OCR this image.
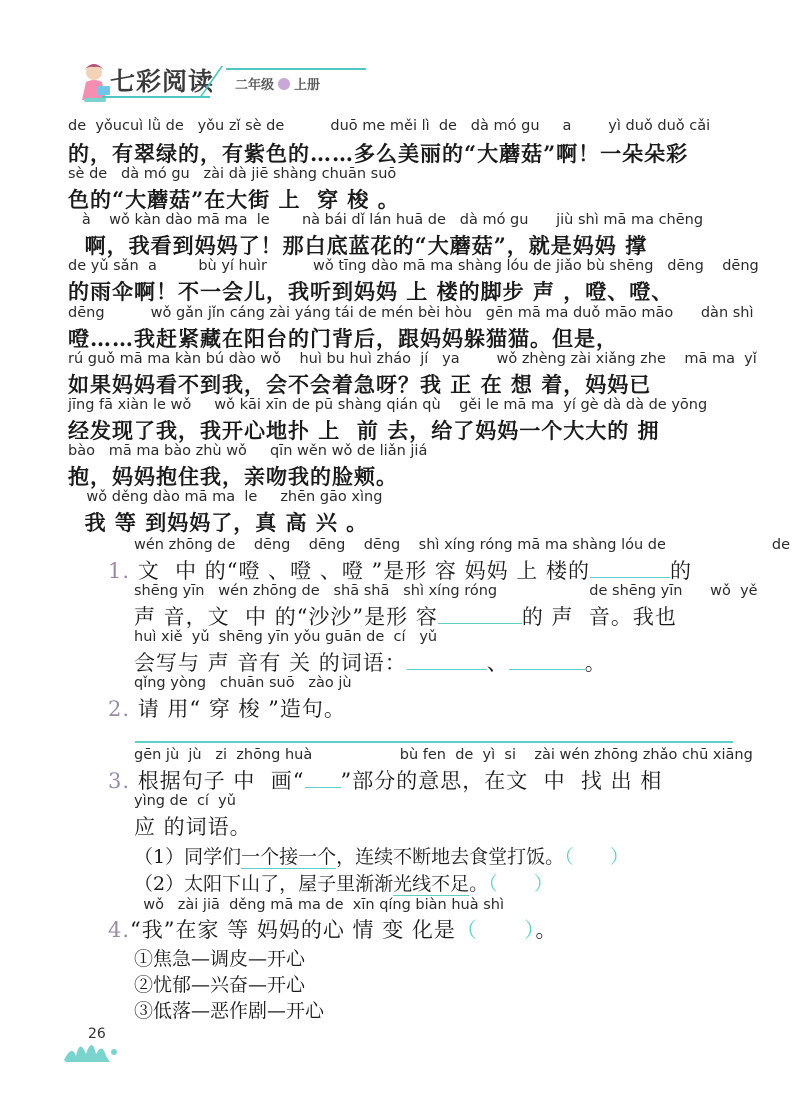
七彩阅读 二年级 上册
de  yǒucuì lǜ de   yǒu zǐ sè de          duō me měi lì  de   dà mó gu     a        yì duǒ duǒ cǎi
的，有翠绿的，有紫色的……多么美丽的“大蘑菇”啊！一朵朵彩
sè de   dà mó gu   zài dà jiē shàng chuān suō
色的“大蘑菇”在大街 上  穿 梭 。
à    wǒ kàn dào mā ma  le       nà bái dǐ lán huā de   dà mó gu      jiù shì mā ma chēng
啊，我看到妈妈了！那白底蓝花的“大蘑菇”，就是妈妈 撑
de yǔ sǎn  a         bù yí huìr          wǒ tīng dào mā ma shàng lóu de jiǎo bù shēng   dēng    dēng
的雨伞啊！不一会儿，我听到妈妈 上 楼的脚步 声 ，噔、噔、
dēng          wǒ gǎn jǐn cáng zài yáng tái de mén bèi hòu   gēn mā ma duǒ māo māo      dàn shì
噔……我赶紧藏在阳台的门背后，跟妈妈躲猫猫。但是，
rú guǒ mā ma kàn bú dào wǒ    huì bu huì zháo  jí   ya        wǒ zhèng zài xiǎng zhe    mā ma  yǐ
如果妈妈看不到我，会不会着急呀？我 正 在 想 着，妈妈已
jīng fā xiàn le wǒ     wǒ kāi xīn de pū shàng qián qù    gěi le mā ma  yí gè dà dà de yōng
经发现了我，我开心地扑 上  前 去，给了妈妈一个大大的 拥
bào   mā ma bào zhù wǒ     qīn wěn wǒ de liǎn jiá
抱，妈妈抱住我，亲吻我的脸颊。
wǒ děng dào mā ma  le     zhēn gāo xìng
我 等 到妈妈了，真 高 兴 。
wén zhōng de    dēng    dēng    dēng    shì xíng róng mā ma shàng lóu de                       de
1. 文  中 的“噔 、噔 、噔 ”是形 容 妈妈 上 楼的	的
shēng yīn   wén zhōng de   shā shā   shì xíng róng                    de shēng yīn      wǒ  yě
声 音，文  中 的“沙沙”是形 容	的 声  音。我也
huì xiě  yǔ  shēng yīn yǒu guān de  cí   yǔ
会写与 声 音有 关 的词语：	、	。
qǐng yòng   chuān suō   zào jù
2. 请 用“ 穿 梭 ”造句。
gēn jù  jù   zi  zhōng huà                   bù fen  de  yì  si    zài wén zhōng zhǎo chū xiāng
3. 根据句子 中  画“ ”部分的意思，在文  中  找 出 相
yìng de  cí  yǔ
应 的词语。
（1）同学们一个接一个，连续不断地去食堂打饭。（      ）
（2）太阳下山了，屋子里渐渐光线不足。（      ）
wǒ   zài jiā  děng mā ma de  xīn qíng biàn huà shì
4.“我”在家 等 妈妈的心 情 变 化是（      ）。
①焦急—调皮—开心
②忧郁—兴奋—开心
③低落—恶作剧—开心
26
